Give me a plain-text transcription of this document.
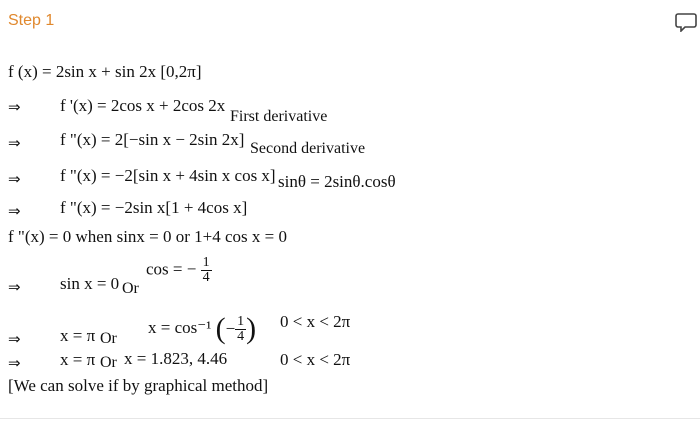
Step 1
f (x) = 2sin x + sin 2x [0,2π]
⇒ f '(x) = 2cos x + 2cos 2x
First derivative
⇒ f "(x) = 2[−sin x − 2sin 2x] Second derivative
⇒ f "(x) = −2[sin x + 4sin x cos x] sinθ = 2sinθ.cosθ
⇒ f "(x) = −2sin x[1 + 4cos x]
f "(x) = 0 when sinx = 0 or 1+4 cos x = 0
⇒ sin x = 0 Or
cos = − $\frac{1}{4}$
x = cos⁻¹ (− $\frac{1}{4}$ ) 0 < x < 2π
⇒ x = π Or
⇒ x = π Or x = 1.823, 4.46	0 < x < 2π
[We can solve if by graphical method]
